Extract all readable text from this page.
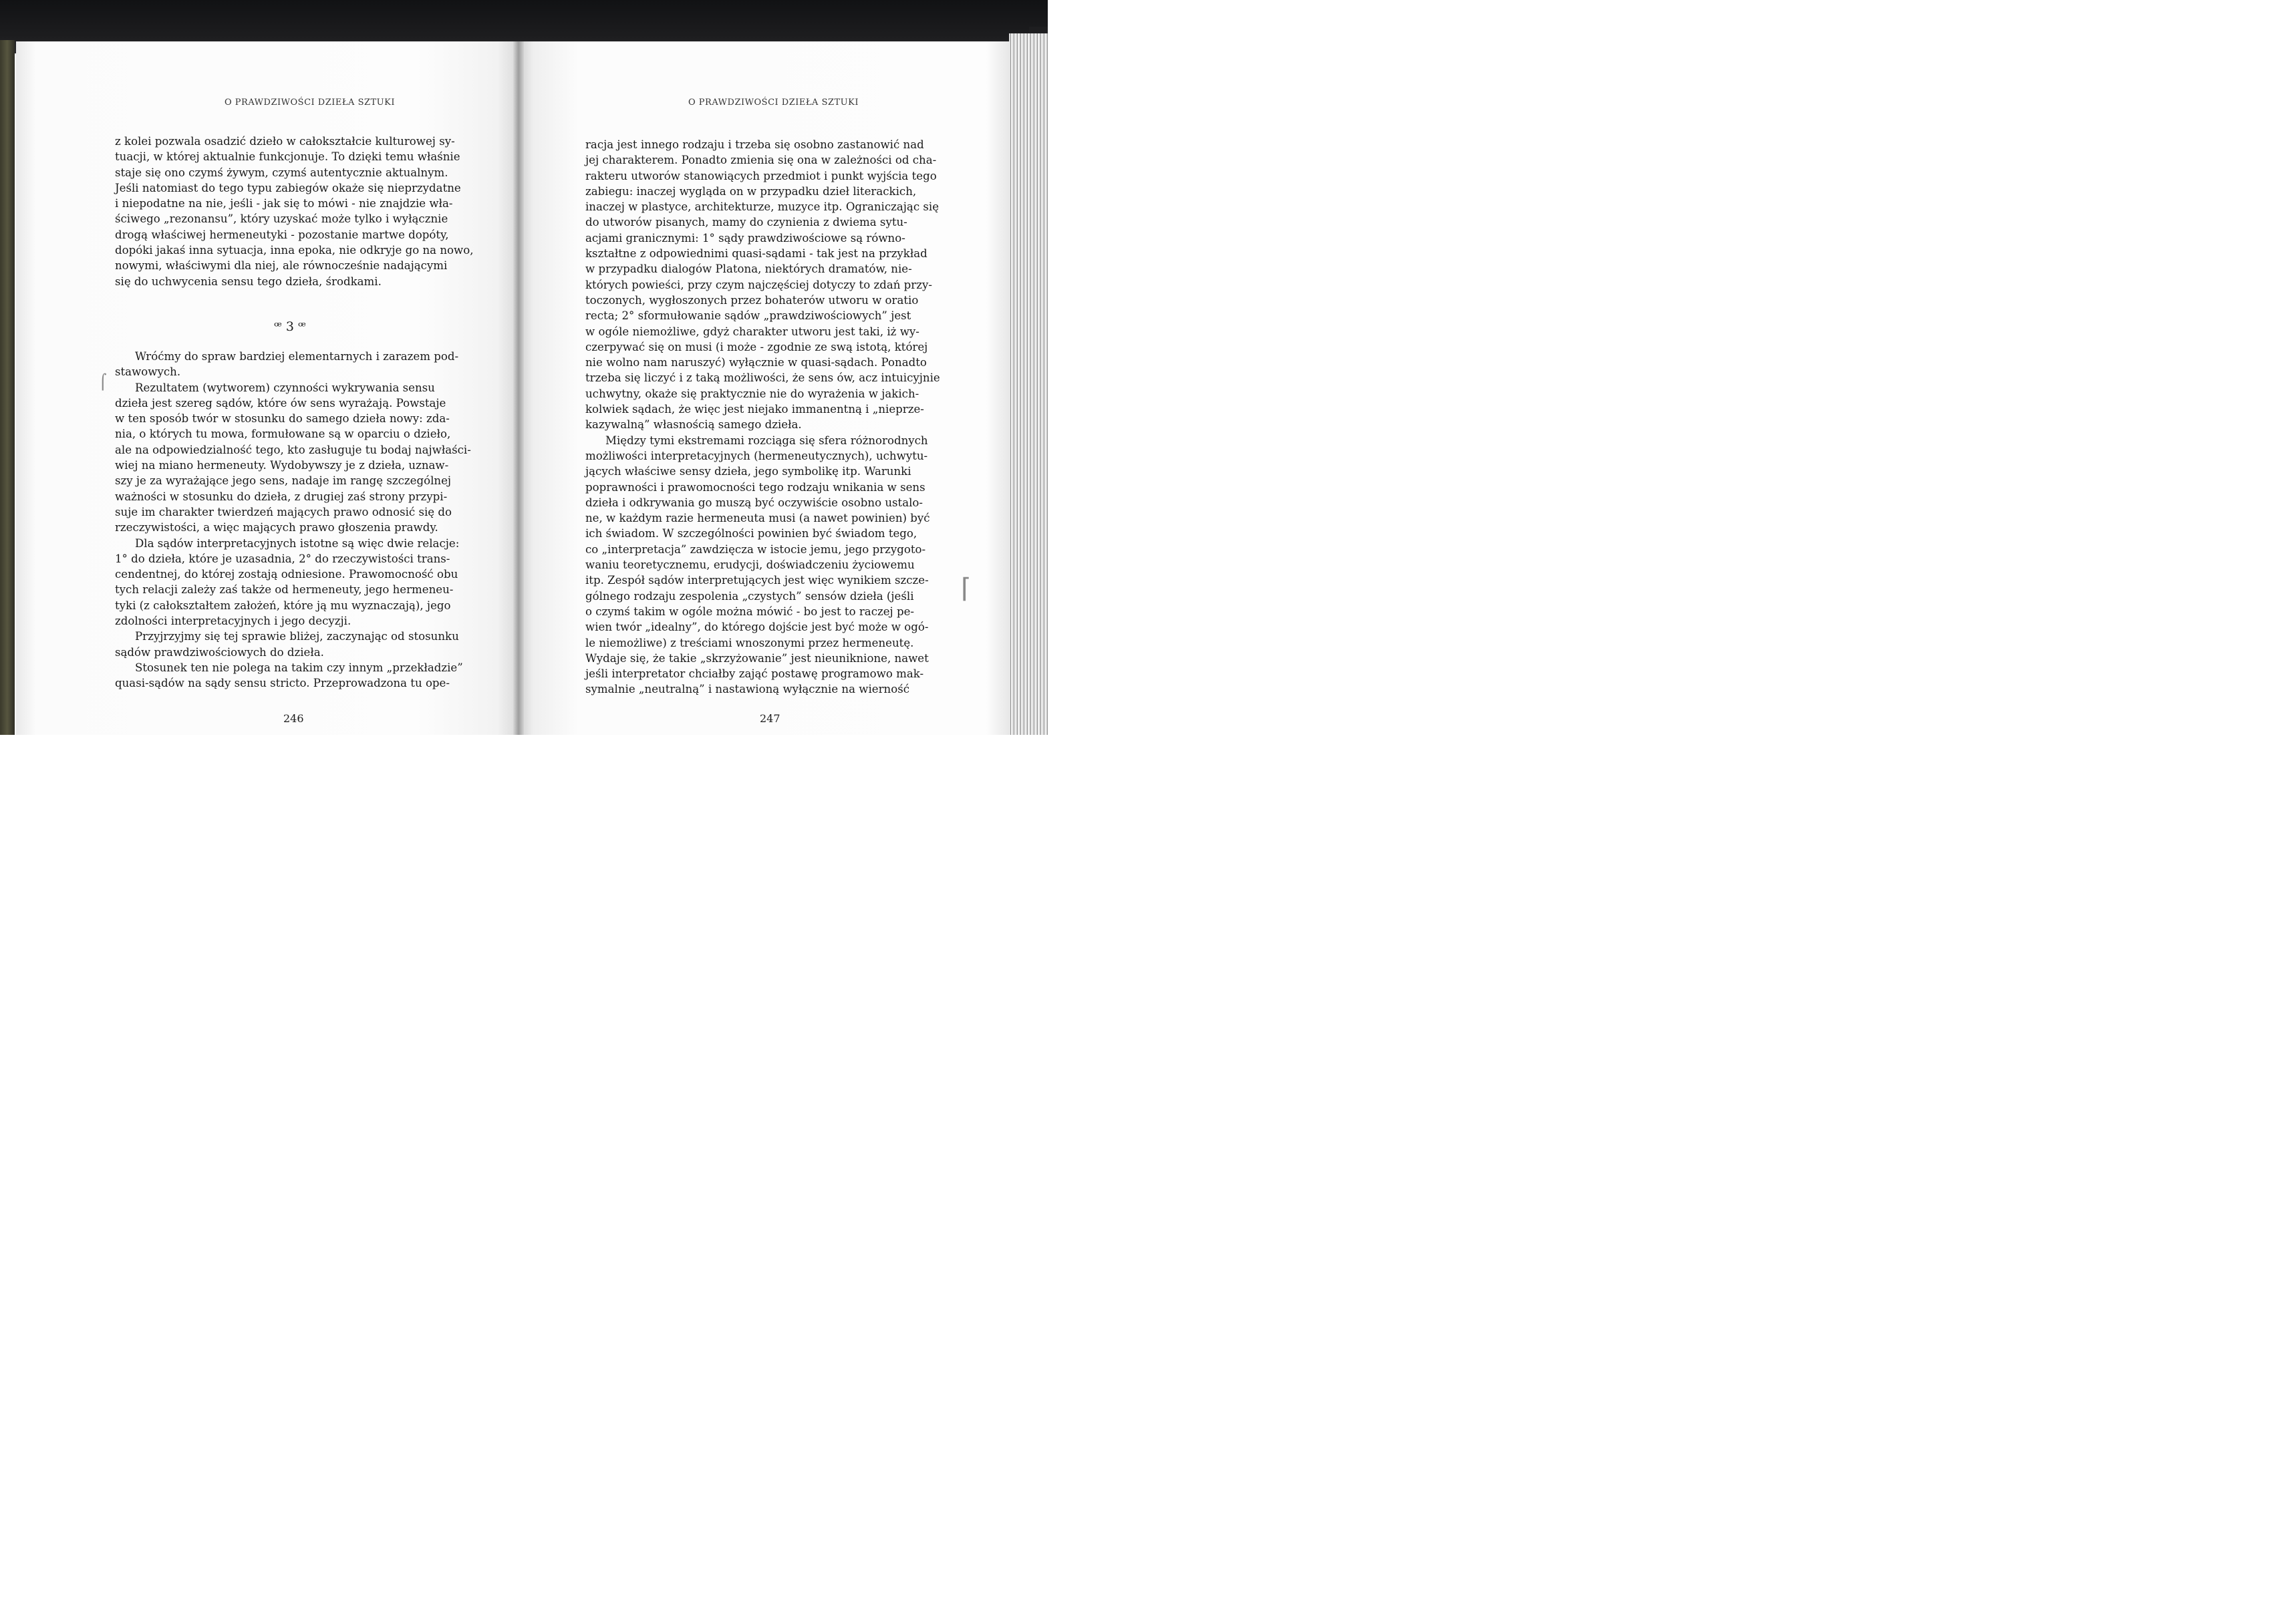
O PRAWDZIWOŚCI DZIEŁA SZTUKI
z kolei pozwala osadzić dzieło w całokształcie kulturowej sy-
tuacji, w której aktualnie funkcjonuje. To dzięki temu właśnie
staje się ono czymś żywym, czymś autentycznie aktualnym.
Jeśli natomiast do tego typu zabiegów okaże się nieprzydatne
i niepodatne na nie, jeśli - jak się to mówi - nie znajdzie wła-
ściwego „rezonansu”, który uzyskać może tylko i wyłącznie
drogą właściwej hermeneutyki - pozostanie martwe dopóty,
dopóki jakaś inna sytuacja, inna epoka, nie odkryje go na nowo,
nowymi, właściwymi dla niej, ale równocześnie nadającymi
się do uchwycenia sensu tego dzieła, środkami.
ꟹ 3 ꟹ
Wróćmy do spraw bardziej elementarnych i zarazem pod-
stawowych.
Rezultatem (wytworem) czynności wykrywania sensu
dzieła jest szereg sądów, które ów sens wyrażają. Powstaje
w ten sposób twór w stosunku do samego dzieła nowy: zda-
nia, o których tu mowa, formułowane są w oparciu o dzieło,
ale na odpowiedzialność tego, kto zasługuje tu bodaj najwłaści-
wiej na miano hermeneuty. Wydobywszy je z dzieła, uznaw-
szy je za wyrażające jego sens, nadaje im rangę szczególnej
ważności w stosunku do dzieła, z drugiej zaś strony przypi-
suje im charakter twierdzeń mających prawo odnosić się do
rzeczywistości, a więc mających prawo głoszenia prawdy.
Dla sądów interpretacyjnych istotne są więc dwie relacje:
1° do dzieła, które je uzasadnia, 2° do rzeczywistości trans-
cendentnej, do której zostają odniesione. Prawomocność obu
tych relacji zależy zaś także od hermeneuty, jego hermeneu-
tyki (z całokształtem założeń, które ją mu wyznaczają), jego
zdolności interpretacyjnych i jego decyzji.
Przyjrzyjmy się tej sprawie bliżej, zaczynając od stosunku
sądów prawdziwościowych do dzieła.
Stosunek ten nie polega na takim czy innym „przekładzie”
quasi-sądów na sądy sensu stricto. Przeprowadzona tu ope-
246
O PRAWDZIWOŚCI DZIEŁA SZTUKI
racja jest innego rodzaju i trzeba się osobno zastanowić nad
jej charakterem. Ponadto zmienia się ona w zależności od cha-
rakteru utworów stanowiących przedmiot i punkt wyjścia tego
zabiegu: inaczej wygląda on w przypadku dzieł literackich,
inaczej w plastyce, architekturze, muzyce itp. Ograniczając się
do utworów pisanych, mamy do czynienia z dwiema sytu-
acjami granicznymi: 1° sądy prawdziwościowe są równo-
kształtne z odpowiednimi quasi-sądami - tak jest na przykład
w przypadku dialogów Platona, niektórych dramatów, nie-
których powieści, przy czym najczęściej dotyczy to zdań przy-
toczonych, wygłoszonych przez bohaterów utworu w oratio
recta; 2° sformułowanie sądów „prawdziwościowych” jest
w ogóle niemożliwe, gdyż charakter utworu jest taki, iż wy-
czerpywać się on musi (i może - zgodnie ze swą istotą, której
nie wolno nam naruszyć) wyłącznie w quasi-sądach. Ponadto
trzeba się liczyć i z taką możliwości, że sens ów, acz intuicyjnie
uchwytny, okaże się praktycznie nie do wyrażenia w jakich-
kolwiek sądach, że więc jest niejako immanentną i „nieprze-
kazywalną” własnością samego dzieła.
Między tymi ekstremami rozciąga się sfera różnorodnych
możliwości interpretacyjnych (hermeneutycznych), uchwytu-
jących właściwe sensy dzieła, jego symbolikę itp. Warunki
poprawności i prawomocności tego rodzaju wnikania w sens
dzieła i odkrywania go muszą być oczywiście osobno ustalo-
ne, w każdym razie hermeneuta musi (a nawet powinien) być
ich świadom. W szczególności powinien być świadom tego,
co „interpretacja” zawdzięcza w istocie jemu, jego przygoto-
waniu teoretycznemu, erudycji, doświadczeniu życiowemu
itp. Zespół sądów interpretujących jest więc wynikiem szcze-
gólnego rodzaju zespolenia „czystych” sensów dzieła (jeśli
o czymś takim w ogóle można mówić - bo jest to raczej pe-
wien twór „idealny”, do którego dojście jest być może w ogó-
le niemożliwe) z treściami wnoszonymi przez hermeneutę.
Wydaje się, że takie „skrzyżowanie” jest nieuniknione, nawet
jeśli interpretator chciałby zająć postawę programowo mak-
symalnie „neutralną” i nastawioną wyłącznie na wierność
247
⌠
⌈
